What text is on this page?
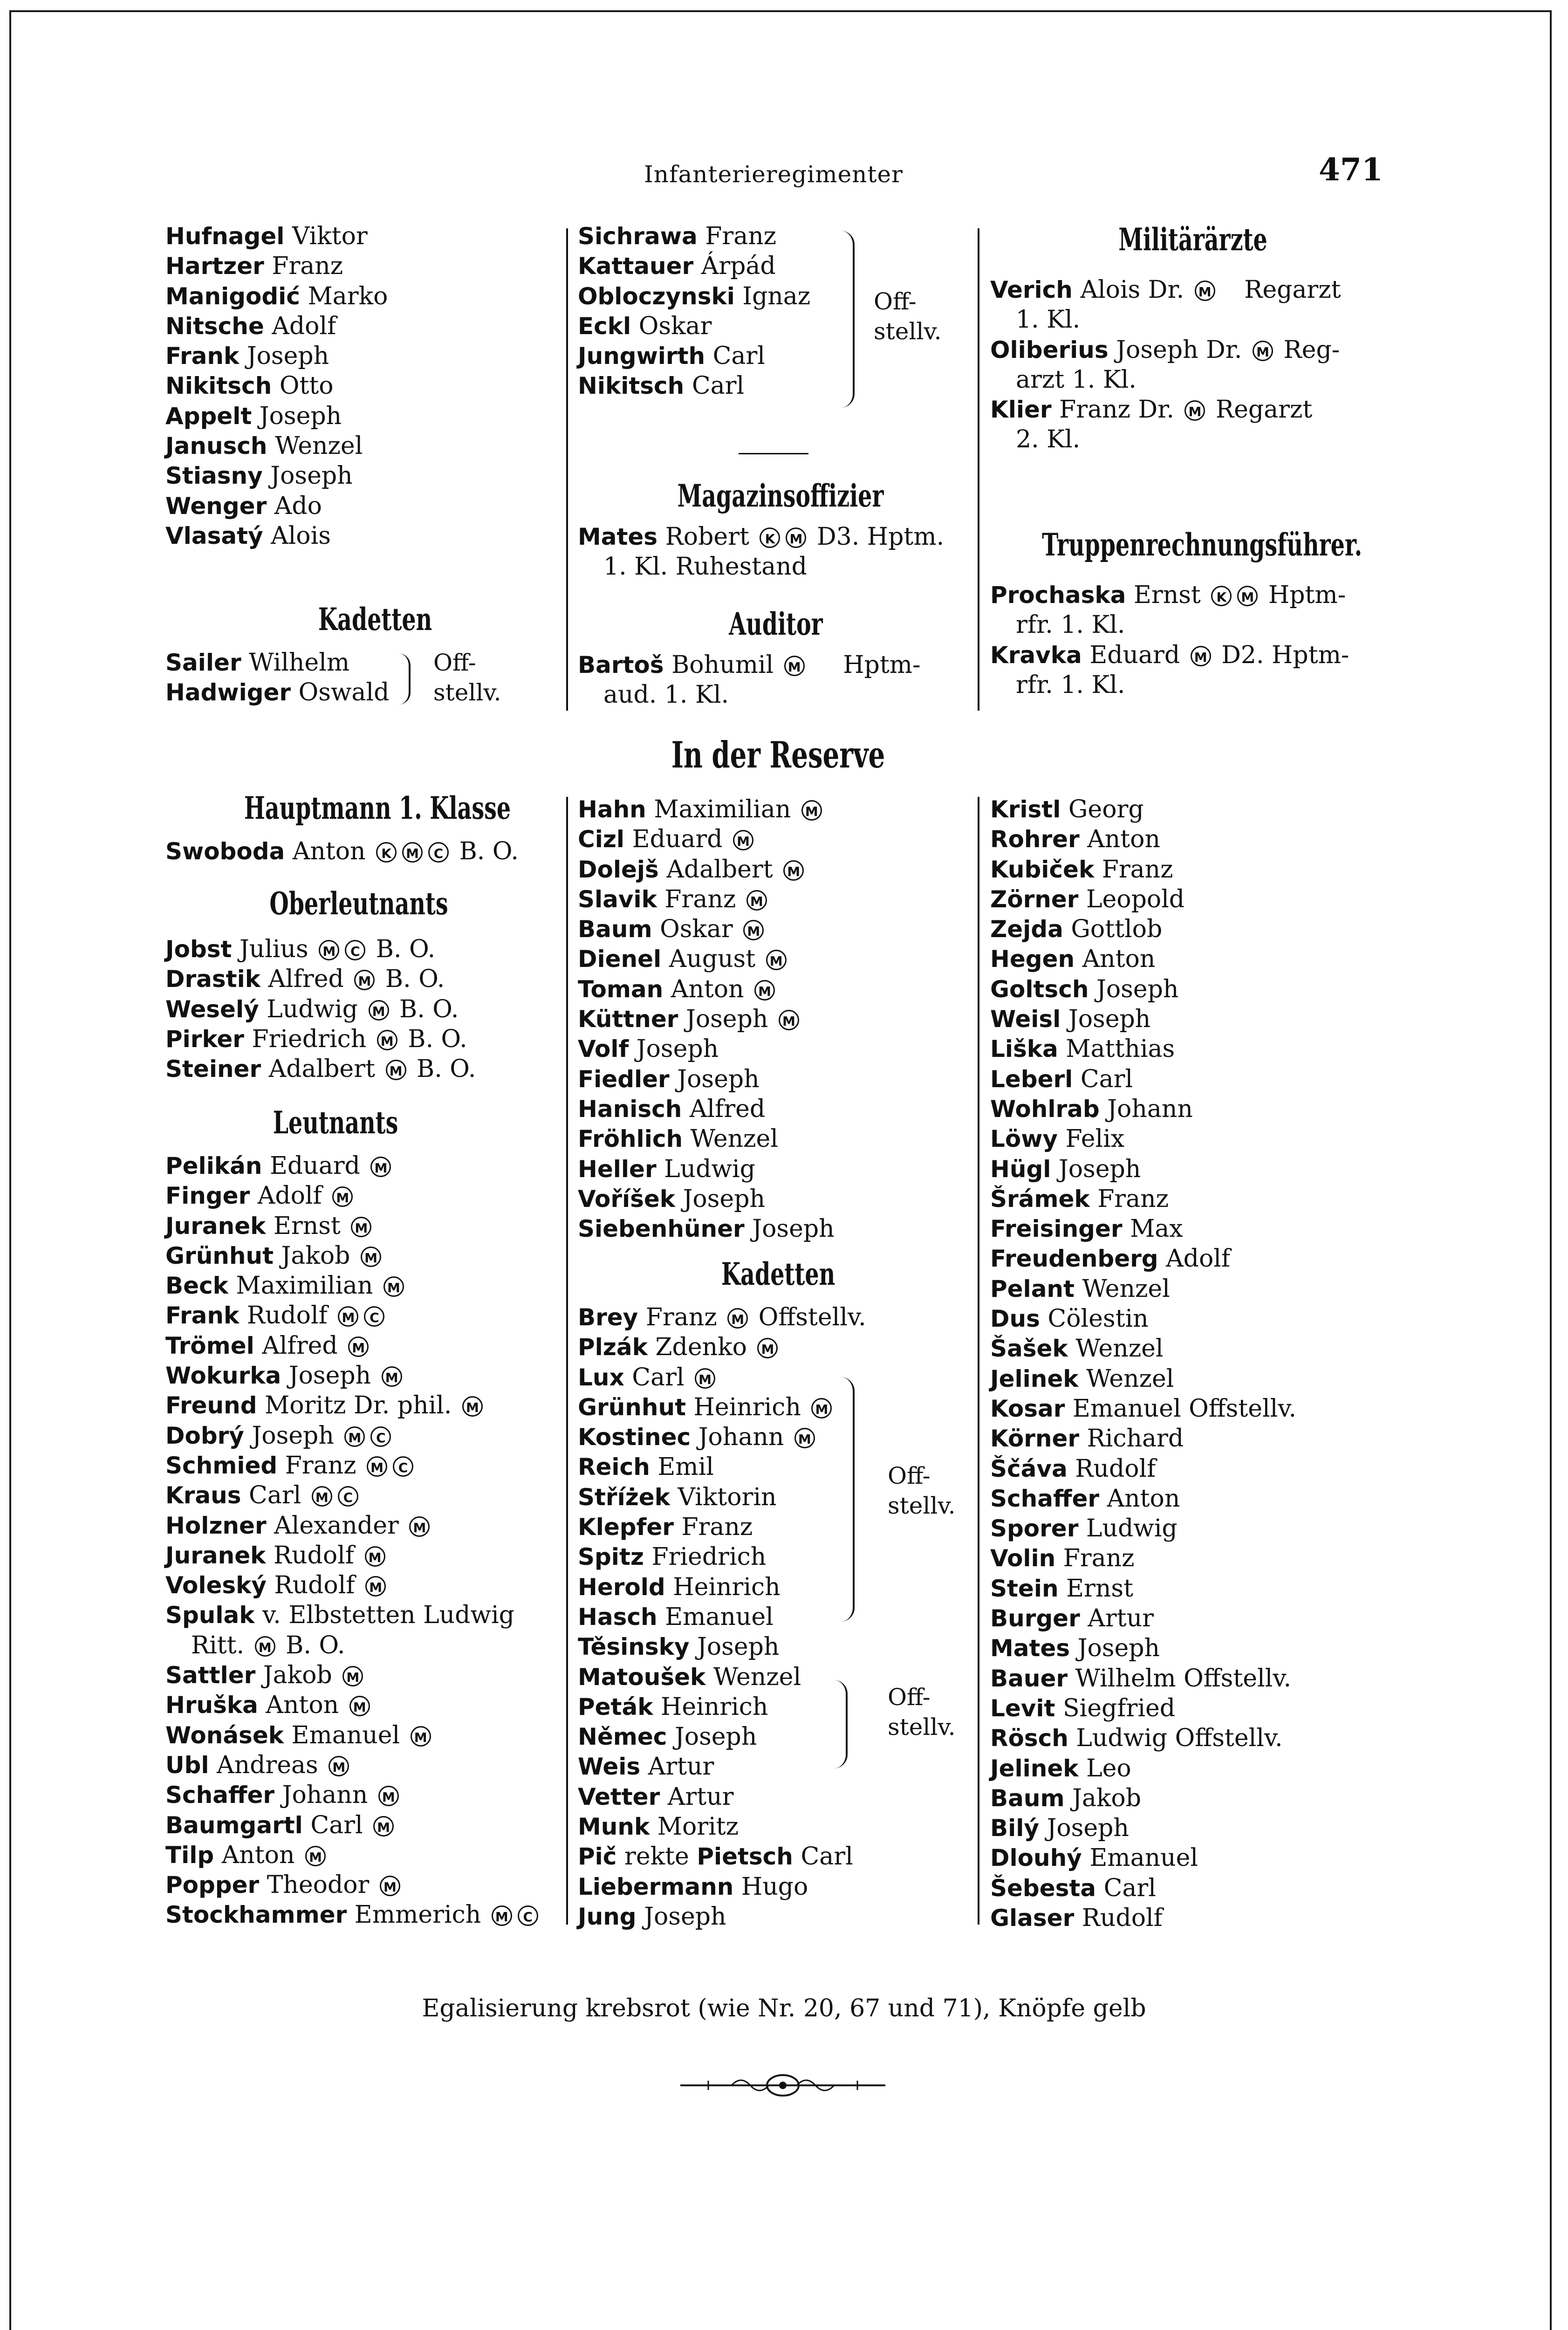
Infanterieregimenter	471
Hufnagel Viktor
Hartzer Franz
Manigodić Marko
Nitsche Adolf
Frank Joseph
Nikitsch Otto
Appelt Joseph
Janusch Wenzel
Stiasny Joseph
Wenger Ado
Vlasatý Alois
Kadetten
Sailer Wilhelm
Hadwiger Oswald
Off-
stellv.
Sichrawa Franz
Kattauer Árpád
Obloczynski Ignaz
Eckl Oskar
Jungwirth Carl
Nikitsch Carl
Off-
stellv.
Magazinsoffizier
Mates Robert K M D3. Hptm.
1. Kl. Ruhestand
Auditor
Bartoš Bohumil M Hptm-
aud. 1. Kl.
Militärärzte
Verich Alois Dr. M Regarzt
1. Kl.
Oliberius Joseph Dr. M Reg-
arzt 1. Kl.
Klier Franz Dr. M Regarzt
2. Kl.
Truppenrechnungsführer.
Prochaska Ernst K M Hptm-
rfr. 1. Kl.
Kravka Eduard M D2. Hptm-
rfr. 1. Kl.
In der Reserve
Hauptmann 1. Klasse
Swoboda Anton K M C B. O.
Oberleutnants
Jobst Julius M C B. O.
Drastik Alfred M B. O.
Weselý Ludwig M B. O.
Pirker Friedrich M B. O.
Steiner Adalbert M B. O.
Leutnants
Pelikán Eduard M
Finger Adolf M
Juranek Ernst M
Grünhut Jakob M
Beck Maximilian M
Frank Rudolf M C
Trömel Alfred M
Wokurka Joseph M
Freund Moritz Dr. phil. M
Dobrý Joseph M C
Schmied Franz M C
Kraus Carl M C
Holzner Alexander M
Juranek Rudolf M
Voleský Rudolf M
Spulak v. Elbstetten Ludwig
Ritt. M B. O.
Sattler Jakob M
Hruška Anton M
Wonásek Emanuel M
Ubl Andreas M
Schaffer Johann M
Baumgartl Carl M
Tilp Anton M
Popper Theodor M
Stockhammer Emmerich M C
Hahn Maximilian M
Cizl Eduard M
Dolejš Adalbert M
Slavik Franz M
Baum Oskar M
Dienel August M
Toman Anton M
Küttner Joseph M
Volf Joseph
Fiedler Joseph
Hanisch Alfred
Fröhlich Wenzel
Heller Ludwig
Voříšek Joseph
Siebenhüner Joseph
Kadetten
Brey Franz M Offstellv.
Plzák Zdenko M
Lux Carl M
Grünhut Heinrich M
Kostinec Johann M
Reich Emil
Stříżek Viktorin
Klepfer Franz
Spitz Friedrich
Herold Heinrich
Hasch Emanuel
Těsinsky Joseph
Matoušek Wenzel
Peták Heinrich
Němec Joseph
Weis Artur
Vetter Artur
Munk Moritz
Pič rekte Pietsch Carl
Liebermann Hugo
Jung Joseph
Off-
stellv.
Off-
stellv.
Kristl Georg
Rohrer Anton
Kubiček Franz
Zörner Leopold
Zejda Gottlob
Hegen Anton
Goltsch Joseph
Weisl Joseph
Liška Matthias
Leberl Carl
Wohlrab Johann
Löwy Felix
Hügl Joseph
Šrámek Franz
Freisinger Max
Freudenberg Adolf
Pelant Wenzel
Dus Cölestin
Šašek Wenzel
Jelinek Wenzel
Kosar Emanuel Offstellv.
Körner Richard
Ščáva Rudolf
Schaffer Anton
Sporer Ludwig
Volin Franz
Stein Ernst
Burger Artur
Mates Joseph
Bauer Wilhelm Offstellv.
Levit Siegfried
Rösch Ludwig Offstellv.
Jelinek Leo
Baum Jakob
Bilý Joseph
Dlouhý Emanuel
Šebesta Carl
Glaser Rudolf
Egalisierung krebsrot (wie Nr. 20, 67 und 71), Knöpfe gelb
